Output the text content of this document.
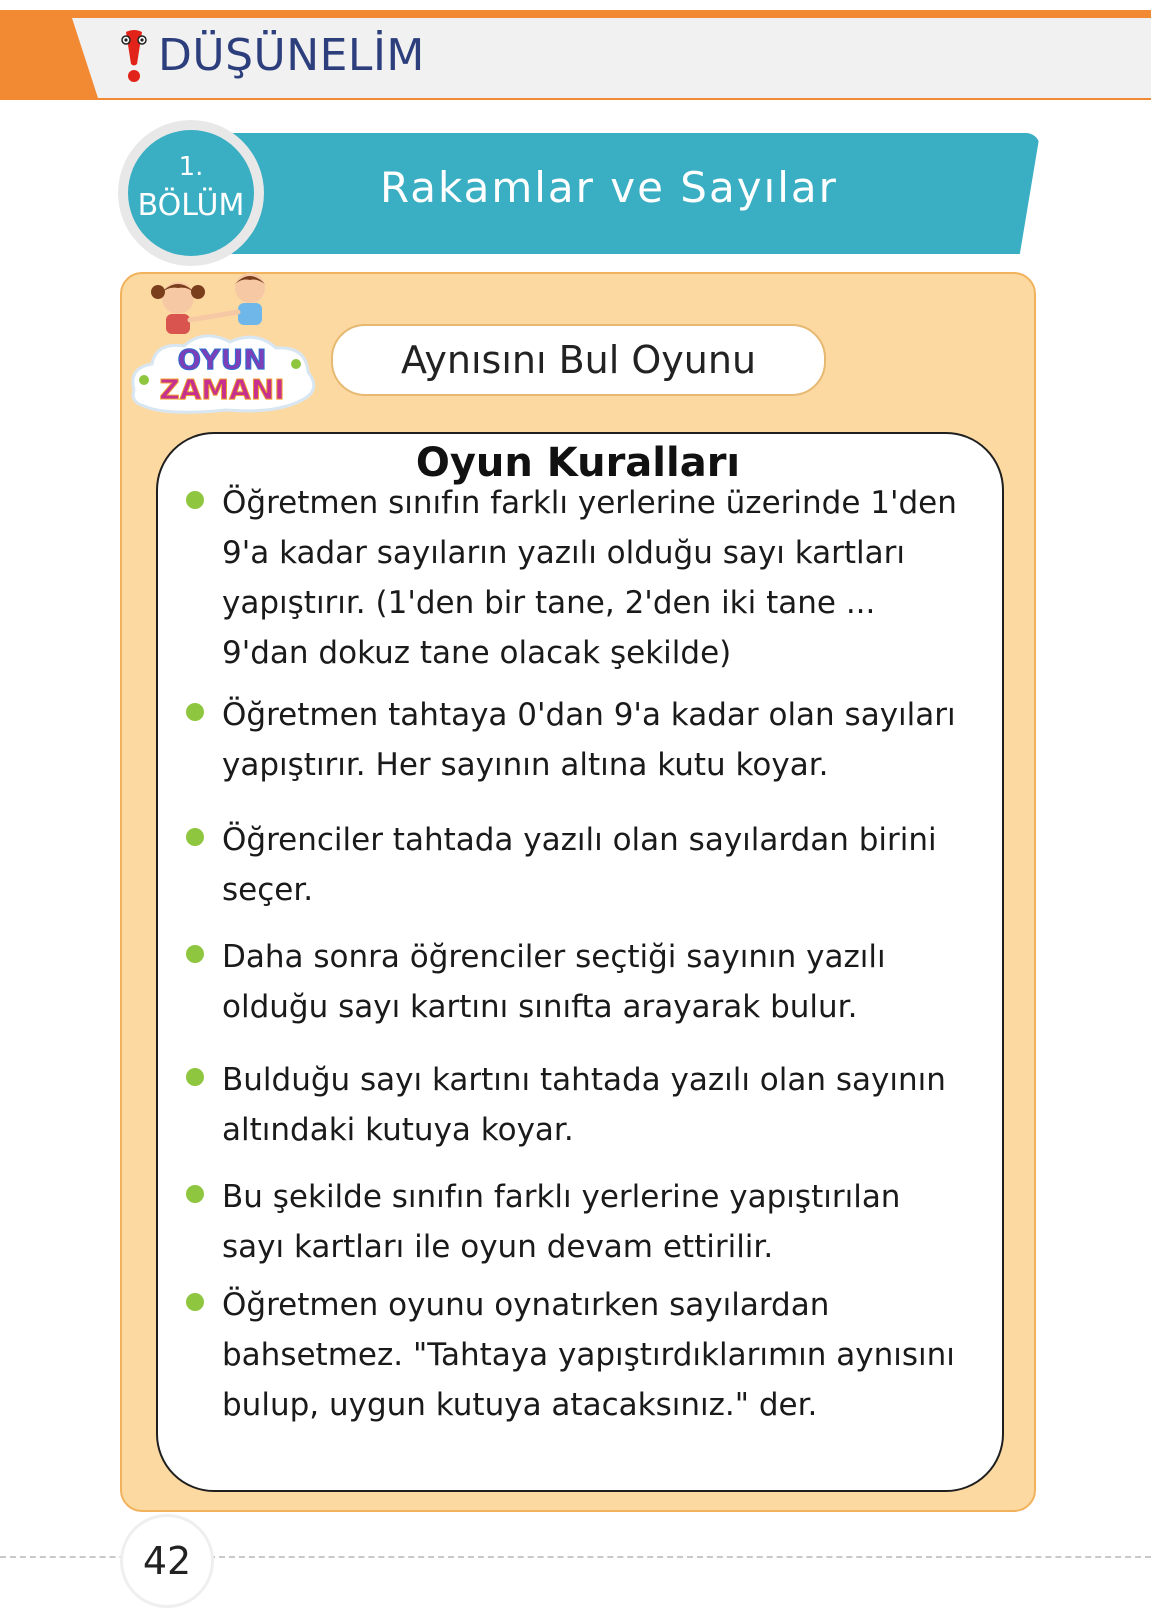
DÜŞÜNELİM
Rakamlar ve Sayılar
1.
BÖLÜM
OYUN
ZAMANI
Aynısını Bul Oyunu
Oyun Kuralları
Öğretmen sınıfın farklı yerlerine üzerinde 1'den 9'a kadar sayıların yazılı olduğu sayı kartları yapıştırır. (1'den bir tane, 2'den iki tane ... 9'dan dokuz tane olacak şekilde)
Öğretmen tahtaya 0'dan 9'a kadar olan sayıları yapıştırır. Her sayının altına kutu koyar.
Öğrenciler tahtada yazılı olan sayılardan birini seçer.
Daha sonra öğrenciler seçtiği sayının yazılı olduğu sayı kartını sınıfta arayarak bulur.
Bulduğu sayı kartını tahtada yazılı olan sayının altındaki kutuya koyar.
Bu şekilde sınıfın farklı yerlerine yapıştırılan sayı kartları ile oyun devam ettirilir.
Öğretmen oyunu oynatırken sayılardan bahsetmez. "Tahtaya yapıştırdıklarımın aynısını bulup, uygun kutuya atacaksınız." der.
42
